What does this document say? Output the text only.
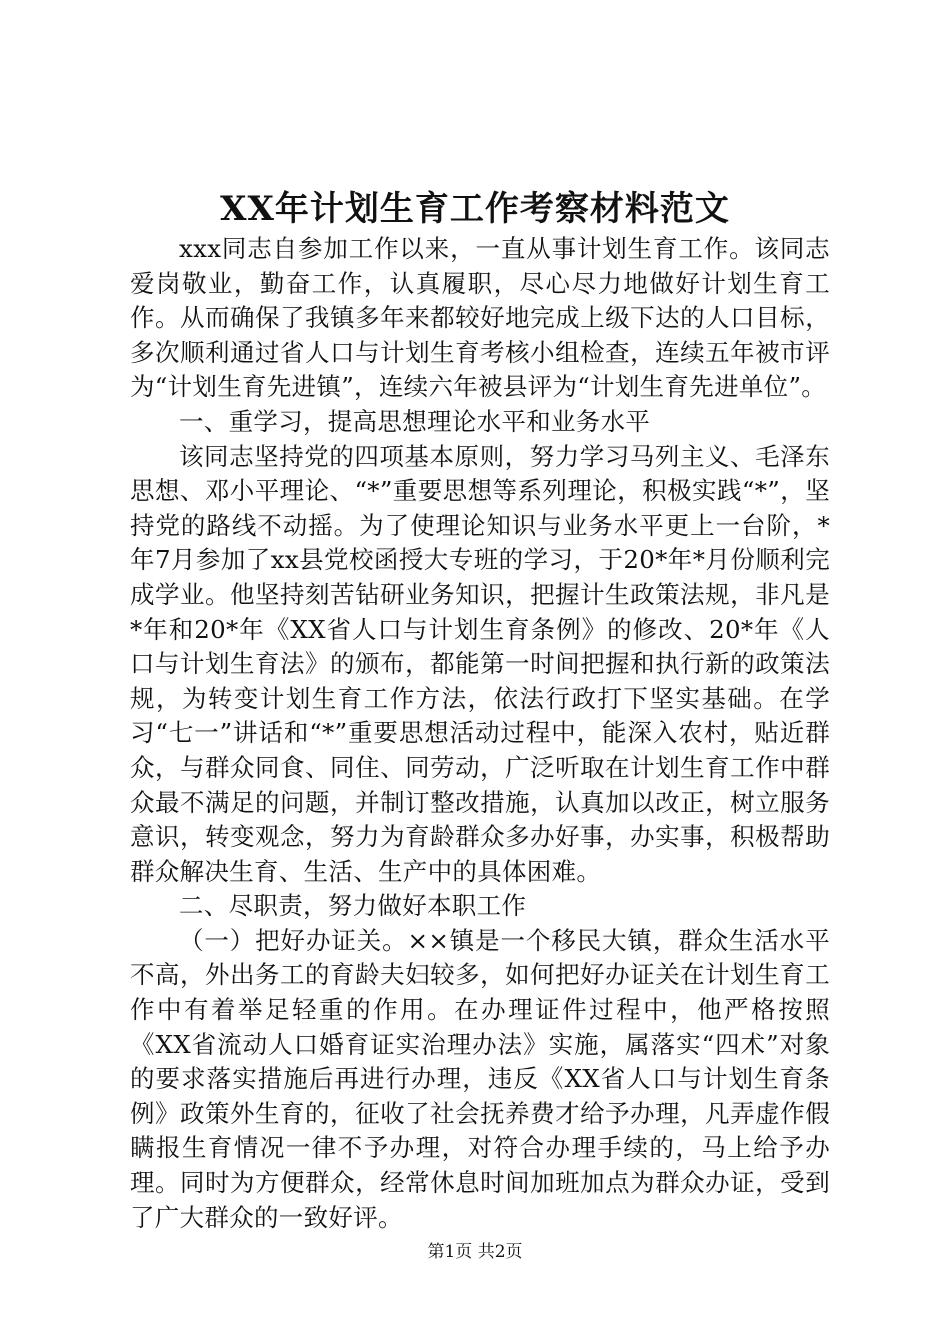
XX年计划生育工作考察材料范文

xxx同志自参加工作以来，一直从事计划生育工作。该同志爱岗敬业，勤奋工作，认真履职，尽心尽力地做好计划生育工作。从而确保了我镇多年来都较好地完成上级下达的人口目标，多次顺利通过省人口与计划生育考核小组检查，连续五年被市评为“计划生育先进镇”，连续六年被县评为“计划生育先进单位”。

一、重学习，提高思想理论水平和业务水平

该同志坚持党的四项基本原则，努力学习马列主义、毛泽东思想、邓小平理论、“*”重要思想等系列理论，积极实践“*”，坚持党的路线不动摇。为了使理论知识与业务水平更上一台阶，*年7月参加了xx县党校函授大专班的学习，于20*年*月份顺利完成学业。他坚持刻苦钻研业务知识，把握计生政策法规，非凡是*年和20*年《XX省人口与计划生育条例》的修改、20*年《人口与计划生育法》的颁布，都能第一时间把握和执行新的政策法规，为转变计划生育工作方法，依法行政打下坚实基础。在学习“七一”讲话和“*”重要思想活动过程中，能深入农村，贴近群众，与群众同食、同住、同劳动，广泛听取在计划生育工作中群众最不满足的问题，并制订整改措施，认真加以改正，树立服务意识，转变观念，努力为育龄群众多办好事，办实事，积极帮助群众解决生育、生活、生产中的具体困难。

二、尽职责，努力做好本职工作

（一）把好办证关。××镇是一个移民大镇，群众生活水平不高，外出务工的育龄夫妇较多，如何把好办证关在计划生育工作中有着举足轻重的作用。在办理证件过程中，他严格按照《XX省流动人口婚育证实治理办法》实施，属落实“四术”对象的要求落实措施后再进行办理，违反《XX省人口与计划生育条例》政策外生育的，征收了社会抚养费才给予办理，凡弄虚作假瞒报生育情况一律不予办理，对符合办理手续的，马上给予办理。同时为方便群众，经常休息时间加班加点为群众办证，受到了广大群众的一致好评。

第1页 共2页
